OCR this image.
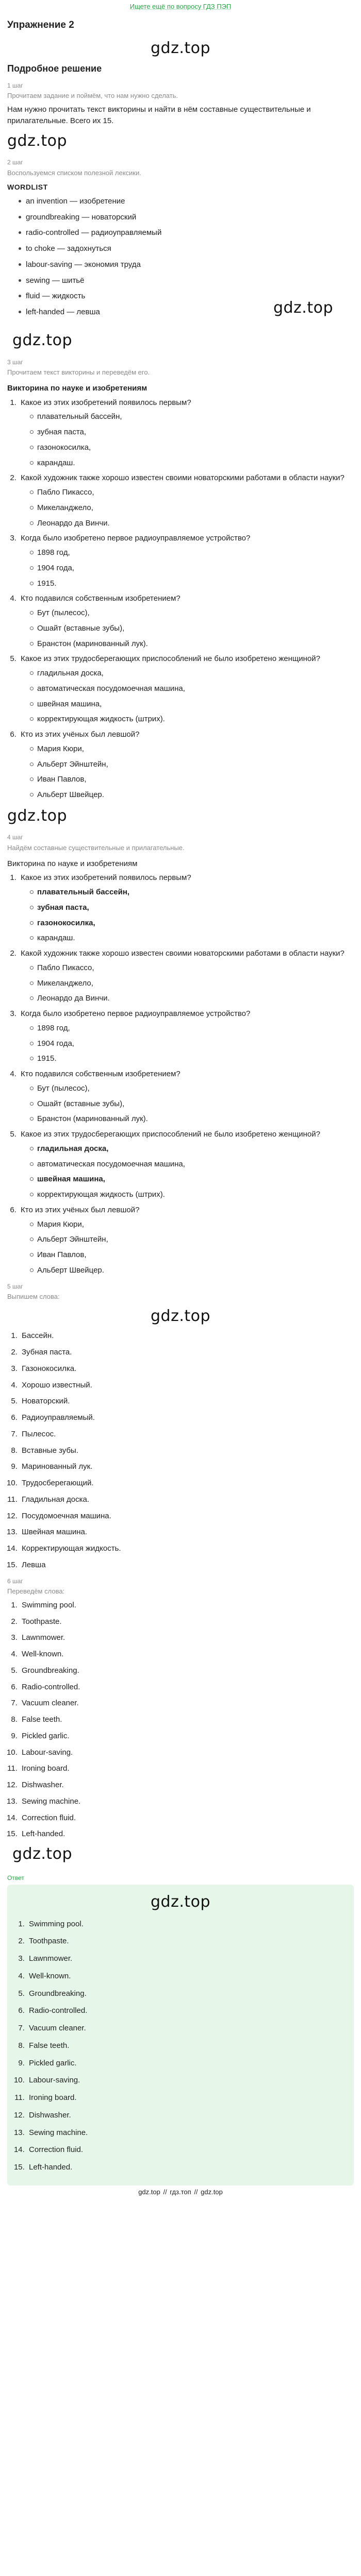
Ищете ещё по вопросу ГДЗ ПЭП
Упражнение 2
gdz.top
Подробное решение
1 шаг
Прочитаем задание и поймём, что нам нужно сделать.
Нам нужно прочитать текст викторины и найти в нём составные существительные и прилагательные. Всего их 15.
gdz.top
2 шаг
Воспользуемся списком полезной лексики.
WORDLIST
an invention — изобретение
groundbreaking — новаторский
radio-controlled — радиоуправляемый
to choke — задохнуться
labour-saving — экономия труда
sewing — шитьё
fluid — жидкость
left-handed — левша	gdz.top
gdz.top
3 шаг
Прочитаем текст викторины и переведём его.
Викторина по науке и изобретениям
1. Какое из этих изобретений появилось первым?
плавательный бассейн,
зубная паста,
газонокосилка,
карандаш.
2. Какой художник также хорошо известен своими новаторскими работами в области науки?
Пабло Пикассо,
Микеланджело,
Леонардо да Винчи.
3. Когда было изобретено первое радиоуправляемое устройство?
1898 год,
1904 года,
1915.
4. Кто подавился собственным изобретением?
Бут (пылесос),
Ошайт (вставные зубы),
Бранстон (маринованный лук).
5. Какое из этих трудосберегающих приспособлений не было изобретено женщиной?
гладильная доска,
автоматическая посудомоечная машина,
швейная машина,
корректирующая жидкость (штрих).
6. Кто из этих учёных был левшой?
Мария Кюри,
Альберт Эйнштейн,
Иван Павлов,
Альберт Швейцер.
gdz.top
4 шаг
Найдём составные существительные и прилагательные.
Викторина по науке и изобретениям
1. Какое из этих изобретений появилось первым?
плавательный бассейн,
зубная паста,
газонокосилка,
карандаш.
2. Какой художник также хорошо известен своими новаторскими работами в области науки?
Пабло Пикассо,
Микеланджело,
Леонардо да Винчи.
3. Когда было изобретено первое радиоуправляемое устройство?
1898 год,
1904 года,
1915.
4. Кто подавился собственным изобретением?
Бут (пылесос),
Ошайт (вставные зубы),
Бранстон (маринованный лук).
5. Какое из этих трудосберегающих приспособлений не было изобретено женщиной?
гладильная доска,
автоматическая посудомоечная машина,
швейная машина,
корректирующая жидкость (штрих).
6. Кто из этих учёных был левшой?
Мария Кюри,
Альберт Эйнштейн,
Иван Павлов,
Альберт Швейцер.
5 шаг
Выпишем слова:
gdz.top
1. Бассейн.
2. Зубная паста.
3. Газонокосилка.
4. Хорошо известный.
5. Новаторский.
6. Радиоуправляемый.
7. Пылесос.
8. Вставные зубы.
9. Маринованный лук.
10. Трудосберегающий.
11. Гладильная доска.
12. Посудомоечная машина.
13. Швейная машина.
14. Корректирующая жидкость.
15. Левша
6 шаг
Переведём слова:
1. Swimming pool.
2. Toothpaste.
3. Lawnmower.
4. Well-known.
5. Groundbreaking.
6. Radio-controlled.
7. Vacuum cleaner.
8. False teeth.
9. Pickled garlic.
10. Labour-saving.
11. Ironing board.
12. Dishwasher.
13. Sewing machine.
14. Correction fluid.
15. Left-handed.
gdz.top
Ответ
gdz.top
1. Swimming pool.
2. Toothpaste.
3. Lawnmower.
4. Well-known.
5. Groundbreaking.
6. Radio-controlled.
7. Vacuum cleaner.
8. False teeth.
9. Pickled garlic.
10. Labour-saving.
11. Ironing board.
12. Dishwasher.
13. Sewing machine.
14. Correction fluid.
15. Left-handed.
gdz.top // гдз.топ // gdz.top
